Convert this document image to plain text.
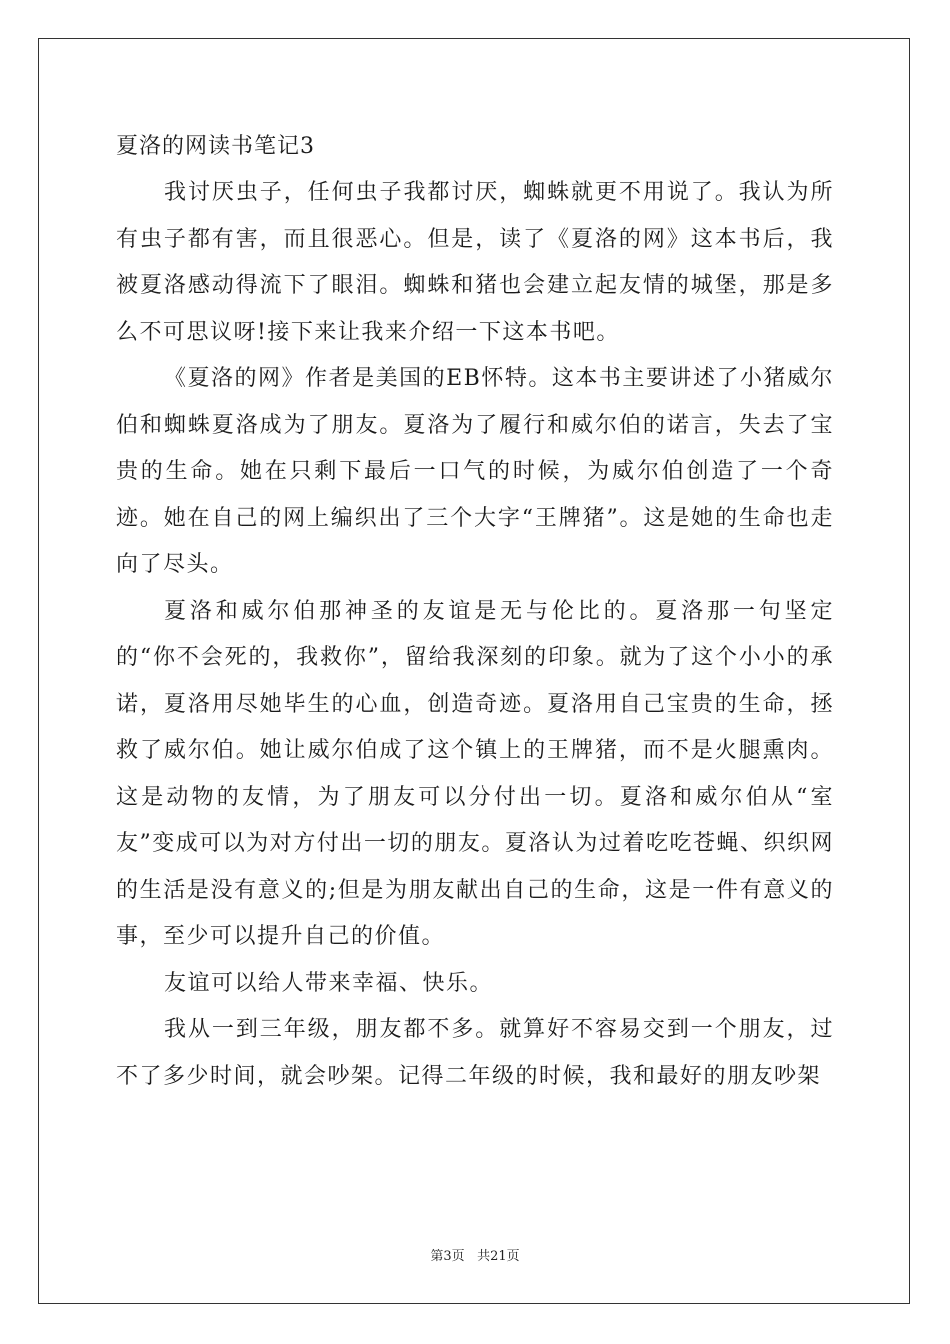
夏洛的网读书笔记3

我讨厌虫子，任何虫子我都讨厌，蜘蛛就更不用说了。我认为所有虫子都有害，而且很恶心。但是，读了《夏洛的网》这本书后，我被夏洛感动得流下了眼泪。蜘蛛和猪也会建立起友情的城堡，那是多么不可思议呀!接下来让我来介绍一下这本书吧。

《夏洛的网》作者是美国的EB怀特。这本书主要讲述了小猪威尔伯和蜘蛛夏洛成为了朋友。夏洛为了履行和威尔伯的诺言，失去了宝贵的生命。她在只剩下最后一口气的时候，为威尔伯创造了一个奇迹。她在自己的网上编织出了三个大字“王牌猪”。这是她的生命也走向了尽头。

夏洛和威尔伯那神圣的友谊是无与伦比的。夏洛那一句坚定的“你不会死的，我救你”，留给我深刻的印象。就为了这个小小的承诺，夏洛用尽她毕生的心血，创造奇迹。夏洛用自己宝贵的生命，拯救了威尔伯。她让威尔伯成了这个镇上的王牌猪，而不是火腿熏肉。这是动物的友情，为了朋友可以分付出一切。夏洛和威尔伯从“室友”变成可以为对方付出一切的朋友。夏洛认为过着吃吃苍蝇、织织网的生活是没有意义的;但是为朋友献出自己的生命，这是一件有意义的事，至少可以提升自己的价值。

友谊可以给人带来幸福、快乐。

我从一到三年级，朋友都不多。就算好不容易交到一个朋友，过不了多少时间，就会吵架。记得二年级的时候，我和最好的朋友吵架

第3页 共21页
